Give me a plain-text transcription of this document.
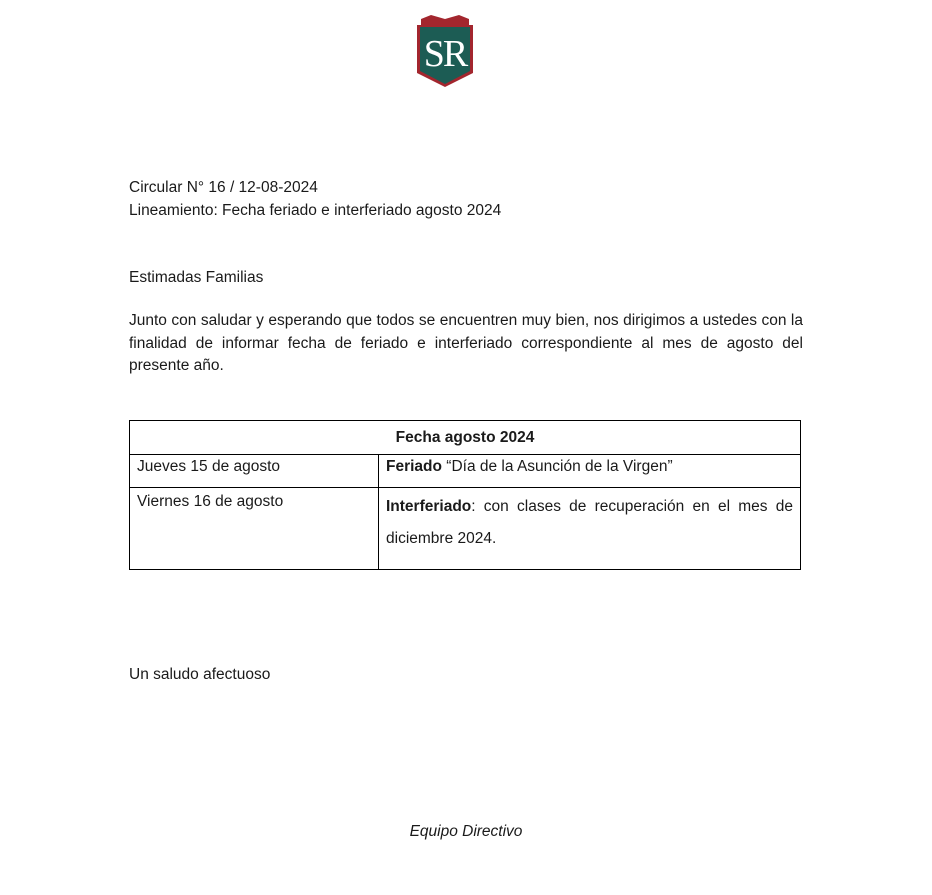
SR
Circular N° 16 / 12-08-2024
Lineamiento: Fecha feriado e interferiado agosto 2024
Estimadas Familias

Junto con saludar y esperando que todos se encuentren muy bien, nos dirigimos a ustedes con la finalidad de informar fecha de feriado e interferiado correspondiente al mes de agosto del presente año.

Fecha agosto 2024	
Jueves 15 de agosto	Feriado “Día de la Asunción de la Virgen”
Viernes 16 de agosto	Interferiado: con clases de recuperación en el mes de diciembre 2024.
Un saludo afectuoso
Equipo Directivo
